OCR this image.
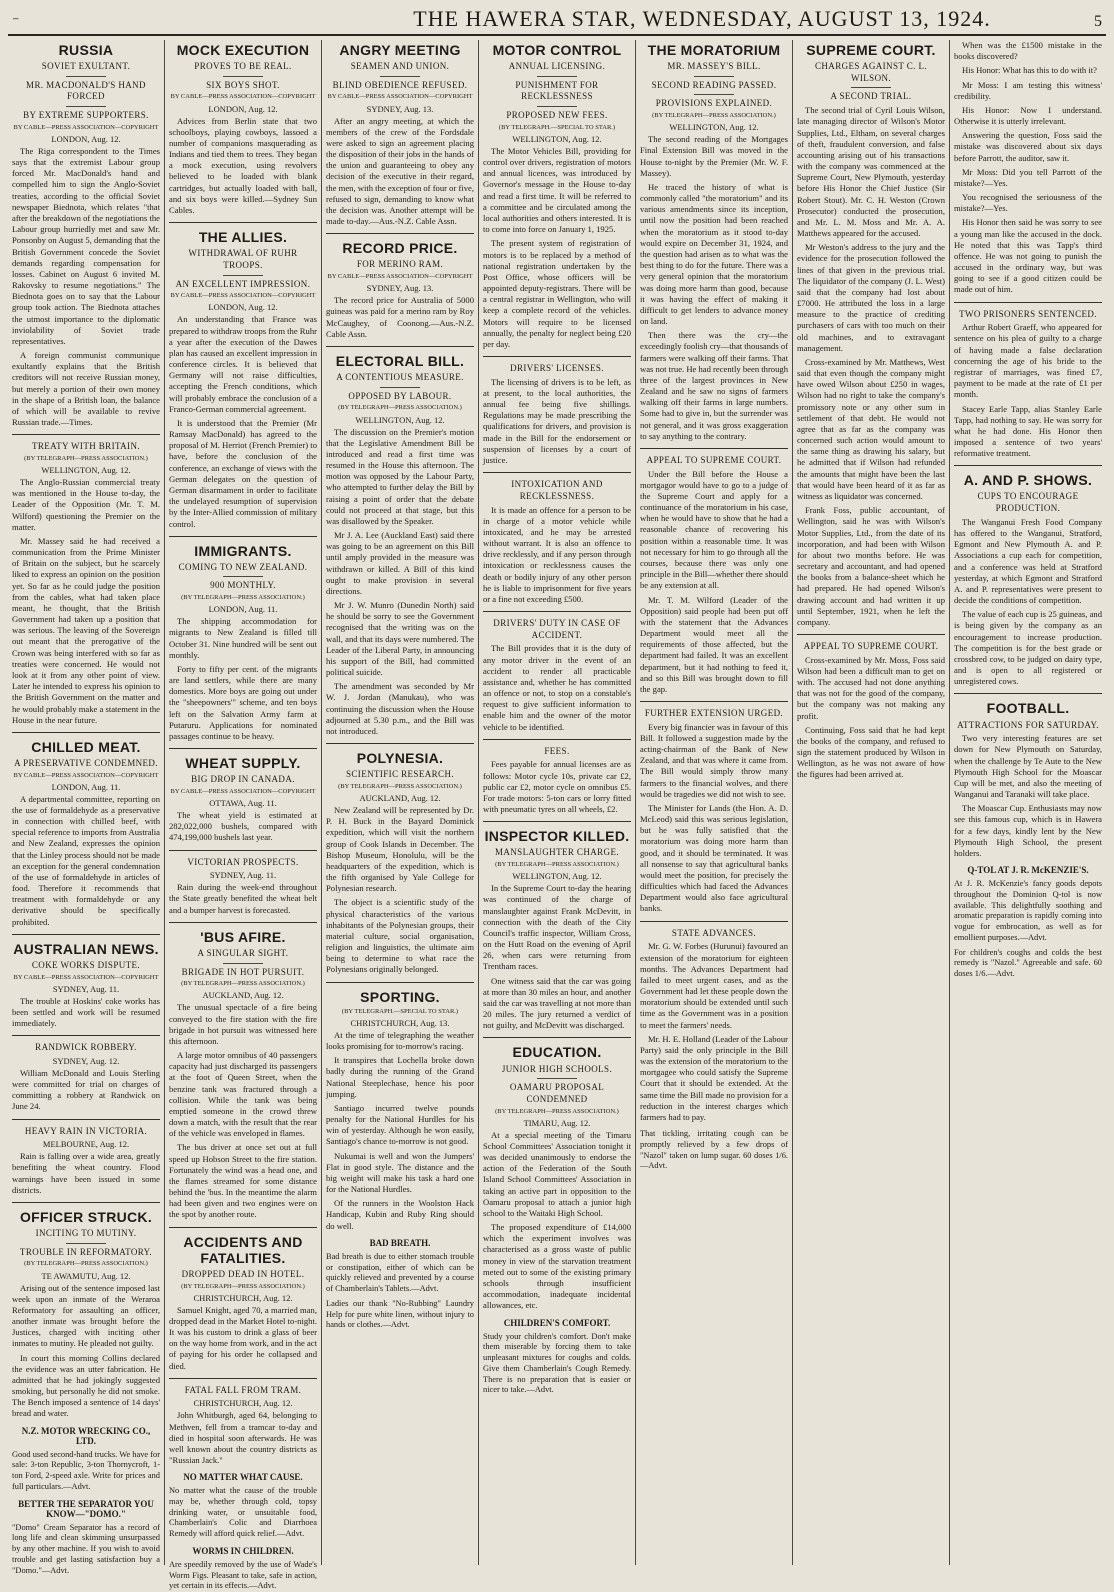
⁻	THE HAWERA STAR, WEDNESDAY, AUGUST 13, 1924.	5
RUSSIA
SOVIET EXULTANT.
MR. MACDONALD'S HAND FORCED
BY EXTREME SUPPORTERS.
BY CABLE—PRESS ASSOCIATION—COPYRIGHT
LONDON, Aug. 12.

The Riga correspondent to the Times says that the extremist Labour group forced Mr. MacDonald's hand and compelled him to sign the Anglo-Soviet treaties, according to the official Soviet newspaper Biednota, which relates "that after the breakdown of the negotiations the Labour group hurriedly met and saw Mr. Ponsonby on August 5, demanding that the British Government concede the Soviet demands regarding compensation for losses. Cabinet on August 6 invited M. Rakovsky to resume negotiations." The Biednota goes on to say that the Labour group took action. The Biednota attaches the utmost importance to the diplomatic inviolability of Soviet trade representatives.

A foreign communist communique exultantly explains that the British creditors will not receive Russian money, but merely a portion of their own money in the shape of a British loan, the balance of which will be available to revive Russian trade.—Times.

TREATY WITH BRITAIN.
(BY TELEGRAPH—PRESS ASSOCIATION.)
WELLINGTON, Aug. 12.

The Anglo-Russian commercial treaty was mentioned in the House to-day, the Leader of the Opposition (Mr. T. M. Wilford) questioning the Premier on the matter.

Mr. Massey said he had received a communication from the Prime Minister of Britain on the subject, but he scarcely liked to express an opinion on the position yet. So far as he could judge the position from the cables, what had taken place meant, he thought, that the British Government had taken up a position that was serious. The leaving of the Sovereign out meant that the prerogative of the Crown was being interfered with so far as treaties were concerned. He would not look at it from any other point of view. Later he intended to express his opinion to the British Government on the matter and he would probably make a statement in the House in the near future.

CHILLED MEAT.
A PRESERVATIVE CONDEMNED.
BY CABLE—PRESS ASSOCIATION—COPYRIGHT
LONDON, Aug. 11.

A departmental committee, reporting on the use of formaldehyde as a preservative in connection with chilled beef, with special reference to imports from Australia and New Zealand, expresses the opinion that the Linley process should not be made an exception for the general condemnation of the use of formaldehyde in articles of food. Therefore it recommends that treatment with formaldehyde or any derivative should be specifically prohibited.

AUSTRALIAN NEWS.
COKE WORKS DISPUTE.
BY CABLE—PRESS ASSOCIATION—COPYRIGHT
SYDNEY, Aug. 11.

The trouble at Hoskins' coke works has been settled and work will be resumed immediately.

RANDWICK ROBBERY.
SYDNEY, Aug. 12.

William McDonald and Louis Sterling were committed for trial on charges of committing a robbery at Randwick on June 24.

HEAVY RAIN IN VICTORIA.
MELBOURNE, Aug. 12.

Rain is falling over a wide area, greatly benefiting the wheat country. Flood warnings have been issued in some districts.

OFFICER STRUCK.
INCITING TO MUTINY.
TROUBLE IN REFORMATORY.
(BY TELEGRAPH—PRESS ASSOCIATION.)
TE AWAMUTU, Aug. 12.

Arising out of the sentence imposed last week upon an inmate of the Weraroa Reformatory for assaulting an officer, another inmate was brought before the Justices, charged with inciting other inmates to mutiny. He pleaded not guilty.

In court this morning Collins declared the evidence was an utter fabrication. He admitted that he had jokingly suggested smoking, but personally he did not smoke. The Bench imposed a sentence of 14 days' bread and water.

N.Z. MOTOR WRECKING CO., LTD.

Good used second-hand trucks. We have for sale: 3-ton Republic, 3-ton Thornycroft, 1-ton Ford, 2-speed axle. Write for prices and full particulars.—Advt.

BETTER THE SEPARATOR YOU KNOW—"DOMO."

"Domo" Cream Separator has a record of long life and clean skimming unsurpassed by any other machine. If you wish to avoid trouble and get lasting satisfaction buy a "Domo."—Advt.

MOCK EXECUTION
PROVES TO BE REAL.
SIX BOYS SHOT.
BY CABLE—PRESS ASSOCIATION—COPYRIGHT
LONDON, Aug. 12.

Advices from Berlin state that two schoolboys, playing cowboys, lassoed a number of companions masquerading as Indians and tied them to trees. They began a mock execution, using revolvers believed to be loaded with blank cartridges, but actually loaded with ball, and six boys were killed.—Sydney Sun Cables.

THE ALLIES.
WITHDRAWAL OF RUHR TROOPS.
AN EXCELLENT IMPRESSION.
BY CABLE—PRESS ASSOCIATION—COPYRIGHT
LONDON, Aug. 12.

An understanding that France was prepared to withdraw troops from the Ruhr a year after the execution of the Dawes plan has caused an excellent impression in conference circles. It is believed that Germany will not raise difficulties, accepting the French conditions, which will probably embrace the conclusion of a Franco-German commercial agreement.

It is understood that the Premier (Mr Ramsay MacDonald) has agreed to the proposal of M. Herriot (French Premier) to have, before the conclusion of the conference, an exchange of views with the German delegates on the question of German disarmament in order to facilitate the undelayed resumption of supervision by the Inter-Allied commission of military control.

IMMIGRANTS.
COMING TO NEW ZEALAND.
900 MONTHLY.
(BY TELEGRAPH—PRESS ASSOCIATION.)
LONDON, Aug. 11.

The shipping accommodation for migrants to New Zealand is filled till October 31. Nine hundred will be sent out monthly.

Forty to fifty per cent. of the migrants are land settlers, while there are many domestics. More boys are going out under the "sheepowners'" scheme, and ten boys left on the Salvation Army farm at Putaruru. Applications for nominated passages continue to be heavy.

WHEAT SUPPLY.
BIG DROP IN CANADA.
BY CABLE—PRESS ASSOCIATION—COPYRIGHT
OTTAWA, Aug. 11.

The wheat yield is estimated at 282,022,000 bushels, compared with 474,199,000 bushels last year.

VICTORIAN PROSPECTS.
SYDNEY, Aug. 11.

Rain during the week-end throughout the State greatly benefited the wheat belt and a bumper harvest is forecasted.

'BUS AFIRE.
A SINGULAR SIGHT.
BRIGADE IN HOT PURSUIT.
(BY TELEGRAPH—PRESS ASSOCIATION.)
AUCKLAND, Aug. 12.

The unusual spectacle of a fire being conveyed to the fire station with the fire brigade in hot pursuit was witnessed here this afternoon.

A large motor omnibus of 40 passengers capacity had just discharged its passengers at the foot of Queen Street, when the benzine tank was fractured through a collision. While the tank was being emptied someone in the crowd threw down a match, with the result that the rear of the vehicle was enveloped in flames.

The bus driver at once set out at full speed up Hobson Street to the fire station. Fortunately the wind was a head one, and the flames streamed for some distance behind the 'bus. In the meantime the alarm had been given and two engines were on the spot by another route.

ACCIDENTS AND FATALITIES.
DROPPED DEAD IN HOTEL.
(BY TELEGRAPH—PRESS ASSOCIATION.)
CHRISTCHURCH, Aug. 12.

Samuel Knight, aged 70, a married man, dropped dead in the Market Hotel to-night. It was his custom to drink a glass of beer on the way home from work, and in the act of paying for his order he collapsed and died.

FATAL FALL FROM TRAM.
CHRISTCHURCH, Aug. 12.

John Whitburgh, aged 64, belonging to Methven, fell from a tramcar to-day and died in hospital soon afterwards. He was well known about the country districts as "Russian Jack."

NO MATTER WHAT CAUSE.

No matter what the cause of the trouble may be, whether through cold, topsy drinking water, or unsuitable food, Chamberlain's Colic and Diarrhoea Remedy will afford quick relief.—Advt.

WORMS IN CHILDREN.

Are speedily removed by the use of Wade's Worm Figs. Pleasant to take, safe in action, yet certain in its effects.—Advt.

ANGRY MEETING
SEAMEN AND UNION.
BLIND OBEDIENCE REFUSED.
BY CABLE—PRESS ASSOCIATION—COPYRIGHT
SYDNEY, Aug. 13.

After an angry meeting, at which the members of the crew of the Fordsdale were asked to sign an agreement placing the disposition of their jobs in the hands of the union and guaranteeing to obey any decision of the executive in their regard, the men, with the exception of four or five, refused to sign, demanding to know what the decision was. Another attempt will be made to-day.—Aus.-N.Z. Cable Assn.

RECORD PRICE.
FOR MERINO RAM.
BY CABLE—PRESS ASSOCIATION—COPYRIGHT
SYDNEY, Aug. 13.

The record price for Australia of 5000 guineas was paid for a merino ram by Roy McCaughey, of Coonong.—Aus.-N.Z. Cable Assn.

ELECTORAL BILL.
A CONTENTIOUS MEASURE.
OPPOSED BY LABOUR.
(BY TELEGRAPH—PRESS ASSOCIATION.)
WELLINGTON, Aug. 12.

The discussion on the Premier's motion that the Legislative Amendment Bill be introduced and read a first time was resumed in the House this afternoon. The motion was opposed by the Labour Party, who attempted to further delay the Bill by raising a point of order that the debate could not proceed at that stage, but this was disallowed by the Speaker.

Mr J. A. Lee (Auckland East) said there was going to be an agreement on this Bill until amply provided in the measure was withdrawn or killed. A Bill of this kind ought to make provision in several directions.

Mr J. W. Munro (Dunedin North) said he should be sorry to see the Government recognised that the writing was on the wall, and that its days were numbered. The Leader of the Liberal Party, in announcing his support of the Bill, had committed political suicide.

The amendment was seconded by Mr W. J. Jordan (Manukau), who was continuing the discussion when the House adjourned at 5.30 p.m., and the Bill was not introduced.

POLYNESIA.
SCIENTIFIC RESEARCH.
(BY TELEGRAPH—PRESS ASSOCIATION.)
AUCKLAND, Aug. 12.

New Zealand will be represented by Dr. P. H. Buck in the Bayard Dominick expedition, which will visit the northern group of Cook Islands in December. The Bishop Museum, Honolulu, will be the headquarters of the expedition, which is the fifth organised by Yale College for Polynesian research.

The object is a scientific study of the physical characteristics of the various inhabitants of the Polynesian groups, their material culture, social organisation, religion and linguistics, the ultimate aim being to determine to what race the Polynesians originally belonged.

SPORTING.
(BY TELEGRAPH.—SPECIAL TO STAR.)
CHRISTCHURCH, Aug. 13.

At the time of telegraphing the weather looks promising for to-morrow's racing.

It transpires that Lochella broke down badly during the running of the Grand National Steeplechase, hence his poor jumping.

Santiago incurred twelve pounds penalty for the National Hurdles for his win of yesterday. Although he won easily, Santiago's chance to-morrow is not good.

Nukumai is well and won the Jumpers' Flat in good style. The distance and the big weight will make his task a hard one for the National Hurdles.

Of the runners in the Woolston Hack Handicap, Kubin and Ruby Ring should do well.

BAD BREATH.

Bad breath is due to either stomach trouble or constipation, either of which can be quickly relieved and prevented by a course of Chamberlain's Tablets.—Advt.

Ladies our thank "No-Rubbing" Laundry Help for pure white linen, without injury to hands or clothes.—Advt.

MOTOR CONTROL
ANNUAL LICENSING.
PUNISHMENT FOR RECKLESSNESS
PROPOSED NEW FEES.
(BY TELEGRAPH.—SPECIAL TO STAR.)
WELLINGTON, Aug. 12.

The Motor Vehicles Bill, providing for control over drivers, registration of motors and annual licences, was introduced by Governor's message in the House to-day and read a first time. It will be referred to a committee and be circulated among the local authorities and others interested. It is to come into force on January 1, 1925.

The present system of registration of motors is to be replaced by a method of national registration undertaken by the Post Office, whose officers will be appointed deputy-registrars. There will be a central registrar in Wellington, who will keep a complete record of the vehicles. Motors will require to be licensed annually, the penalty for neglect being £20 per day.

DRIVERS' LICENSES.

The licensing of drivers is to be left, as at present, to the local authorities, the annual fee being five shillings. Regulations may be made prescribing the qualifications for drivers, and provision is made in the Bill for the endorsement or suspension of licenses by a court of justice.

INTOXICATION AND RECKLESSNESS.

It is made an offence for a person to be in charge of a motor vehicle while intoxicated, and he may be arrested without warrant. It is also an offence to drive recklessly, and if any person through intoxication or recklessness causes the death or bodily injury of any other person he is liable to imprisonment for five years or a fine not exceeding £500.

DRIVERS' DUTY IN CASE OF ACCIDENT.

The Bill provides that it is the duty of any motor driver in the event of an accident to render all practicable assistance and, whether he has committed an offence or not, to stop on a constable's request to give sufficient information to enable him and the owner of the motor vehicle to be identified.

FEES.

Fees payable for annual licenses are as follows: Motor cycle 10s, private car £2, public car £2, motor cycle on omnibus £5. For trade motors: 5-ton cars or lorry fitted with pneumatic tyres on all wheels, £2.

INSPECTOR KILLED.
MANSLAUGHTER CHARGE.
(BY TELEGRAPH—PRESS ASSOCIATION.)
WELLINGTON, Aug. 12.

In the Supreme Court to-day the hearing was continued of the charge of manslaughter against Frank McDevitt, in connection with the death of the City Council's traffic inspector, William Cross, on the Hutt Road on the evening of April 26, when cars were returning from Trentham races.

One witness said that the car was going at more than 30 miles an hour, and another said the car was travelling at not more than 20 miles. The jury returned a verdict of not guilty, and McDevitt was discharged.

EDUCATION.
JUNIOR HIGH SCHOOLS.
OAMARU PROPOSAL CONDEMNED
(BY TELEGRAPH—PRESS ASSOCIATION.)
TIMARU, Aug. 12.

At a special meeting of the Timaru School Committees' Association tonight it was decided unanimously to endorse the action of the Federation of the South Island School Committees' Association in taking an active part in opposition to the Oamaru proposal to attach a junior high school to the Waitaki High School.

The proposed expenditure of £14,000 which the experiment involves was characterised as a gross waste of public money in view of the starvation treatment meted out to some of the existing primary schools through insufficient accommodation, inadequate incidental allowances, etc.

CHILDREN'S COMFORT.

Study your children's comfort. Don't make them miserable by forcing them to take unpleasant mixtures for coughs and colds. Give them Chamberlain's Cough Remedy. There is no preparation that is easier or nicer to take.—Advt.

THE MORATORIUM
MR. MASSEY'S BILL.
SECOND READING PASSED.
PROVISIONS EXPLAINED.
(BY TELEGRAPH—PRESS ASSOCIATION.)
WELLINGTON, Aug. 12.

The second reading of the Mortgages Final Extension Bill was moved in the House to-night by the Premier (Mr. W. F. Massey).

He traced the history of what is commonly called "the moratorium" and its various amendments since its inception, until now the position had been reached when the moratorium as it stood to-day would expire on December 31, 1924, and the question had arisen as to what was the best thing to do for the future. There was a very general opinion that the moratorium was doing more harm than good, because it was having the effect of making it difficult to get lenders to advance money on land.

Then there was the cry—the exceedingly foolish cry—that thousands of farmers were walking off their farms. That was not true. He had recently been through three of the largest provinces in New Zealand and he saw no signs of farmers walking off their farms in large numbers. Some had to give in, but the surrender was not general, and it was gross exaggeration to say anything to the contrary.

APPEAL TO SUPREME COURT.

Under the Bill before the House a mortgagor would have to go to a judge of the Supreme Court and apply for a continuance of the moratorium in his case, when he would have to show that he had a reasonable chance of recovering his position within a reasonable time. It was not necessary for him to go through all the courses, because there was only one principle in the Bill—whether there should be any extension at all.

Mr. T. M. Wilford (Leader of the Opposition) said people had been put off with the statement that the Advances Department would meet all the requirements of those affected, but the department had failed. It was an excellent department, but it had nothing to feed it, and so this Bill was brought down to fill the gap.

FURTHER EXTENSION URGED.

Every big financier was in favour of this Bill. It followed a suggestion made by the acting-chairman of the Bank of New Zealand, and that was where it came from. The Bill would simply throw many farmers to the financial wolves, and there would be tragedies we did not wish to see.

The Minister for Lands (the Hon. A. D. McLeod) said this was serious legislation, but he was fully satisfied that the moratorium was doing more harm than good, and it should be terminated. It was all nonsense to say that agricultural banks would meet the position, for precisely the difficulties which had faced the Advances Department would also face agricultural banks.

STATE ADVANCES.

Mr. G. W. Forbes (Hurunui) favoured an extension of the moratorium for eighteen months. The Advances Department had failed to meet urgent cases, and as the Government had let these people down the moratorium should be extended until such time as the Government was in a position to meet the farmers' needs.

Mr. H. E. Holland (Leader of the Labour Party) said the only principle in the Bill was the extension of the moratorium to the mortgagee who could satisfy the Supreme Court that it should be extended. At the same time the Bill made no provision for a reduction in the interest charges which farmers had to pay.

That tickling, irritating cough can be promptly relieved by a few drops of "Nazol" taken on lump sugar. 60 doses 1/6.—Advt.

SUPREME COURT.
CHARGES AGAINST C. L. WILSON.
A SECOND TRIAL.

The second trial of Cyril Louis Wilson, late managing director of Wilson's Motor Supplies, Ltd., Eltham, on several charges of theft, fraudulent conversion, and false accounting arising out of his transactions with the company was commenced at the Supreme Court, New Plymouth, yesterday before His Honor the Chief Justice (Sir Robert Stout). Mr. C. H. Weston (Crown Prosecutor) conducted the prosecution, and Mr. L. M. Moss and Mr. A. A. Matthews appeared for the accused.

Mr Weston's address to the jury and the evidence for the prosecution followed the lines of that given in the previous trial. The liquidator of the company (J. L. West) said that the company had lost about £7000. He attributed the loss in a large measure to the practice of crediting purchasers of cars with too much on their old machines, and to extravagant management.

Cross-examined by Mr. Matthews, West said that even though the company might have owed Wilson about £250 in wages, Wilson had no right to take the company's promissory note or any other sum in settlement of that debt. He would not agree that as far as the company was concerned such action would amount to the same thing as drawing his salary, but he admitted that if Wilson had refunded the amounts that might have been the last that would have been heard of it as far as witness as liquidator was concerned.

Frank Foss, public accountant, of Wellington, said he was with Wilson's Motor Supplies, Ltd., from the date of its incorporation, and had been with Wilson for about two months before. He was secretary and accountant, and had opened the books from a balance-sheet which he had prepared. He had opened Wilson's drawing account and had written it up until September, 1921, when he left the company.

APPEAL TO SUPREME COURT.

Cross-examined by Mr. Moss, Foss said Wilson had been a difficult man to get on with. The accused had not done anything that was not for the good of the company, but the company was not making any profit.

Continuing, Foss said that he had kept the books of the company, and refused to sign the statement produced by Wilson in Wellington, as he was not aware of how the figures had been arrived at.

When was the £1500 mistake in the books discovered?

His Honor: What has this to do with it?

Mr Moss: I am testing this witness' credibility.

His Honor: Now I understand. Otherwise it is utterly irrelevant.

Answering the question, Foss said the mistake was discovered about six days before Parrott, the auditor, saw it.

Mr Moss: Did you tell Parrott of the mistake?—Yes.

You recognised the seriousness of the mistake?—Yes.

His Honor then said he was sorry to see a young man like the accused in the dock. He noted that this was Tapp's third offence. He was not going to punish the accused in the ordinary way, but was going to see if a good citizen could be made out of him.

TWO PRISONERS SENTENCED.

Arthur Robert Graeff, who appeared for sentence on his plea of guilty to a charge of having made a false declaration concerning the age of his bride to the registrar of marriages, was fined £7, payment to be made at the rate of £1 per month.

Stacey Earle Tapp, alias Stanley Earle Tapp, had nothing to say. He was sorry for what he had done. His Honor then imposed a sentence of two years' reformative treatment.

A. AND P. SHOWS.
CUPS TO ENCOURAGE PRODUCTION.

The Wanganui Fresh Food Company has offered to the Wanganui, Stratford, Egmont and New Plymouth A. and P. Associations a cup each for competition, and a conference was held at Stratford yesterday, at which Egmont and Stratford A. and P. representatives were present to decide the conditions of competition.

The value of each cup is 25 guineas, and is being given by the company as an encouragement to increase production. The competition is for the best grade or crossbred cow, to be judged on dairy type, and is open to all registered or unregistered cows.

FOOTBALL.
ATTRACTIONS FOR SATURDAY.

Two very interesting features are set down for New Plymouth on Saturday, when the challenge by Te Aute to the New Plymouth High School for the Moascar Cup will be met, and also the meeting of Wanganui and Taranaki will take place.

The Moascar Cup. Enthusiasts may now see this famous cup, which is in Hawera for a few days, kindly lent by the New Plymouth High School, the present holders.

Q-TOL AT J. R. McKENZIE'S.

At J. R. McKenzie's fancy goods depots throughout the Dominion Q-tol is now available. This delightfully soothing and aromatic preparation is rapidly coming into vogue for embrocation, as well as for emollient purposes.—Advt.

For children's coughs and colds the best remedy is "Nazol." Agreeable and safe. 60 doses 1/6.—Advt.
